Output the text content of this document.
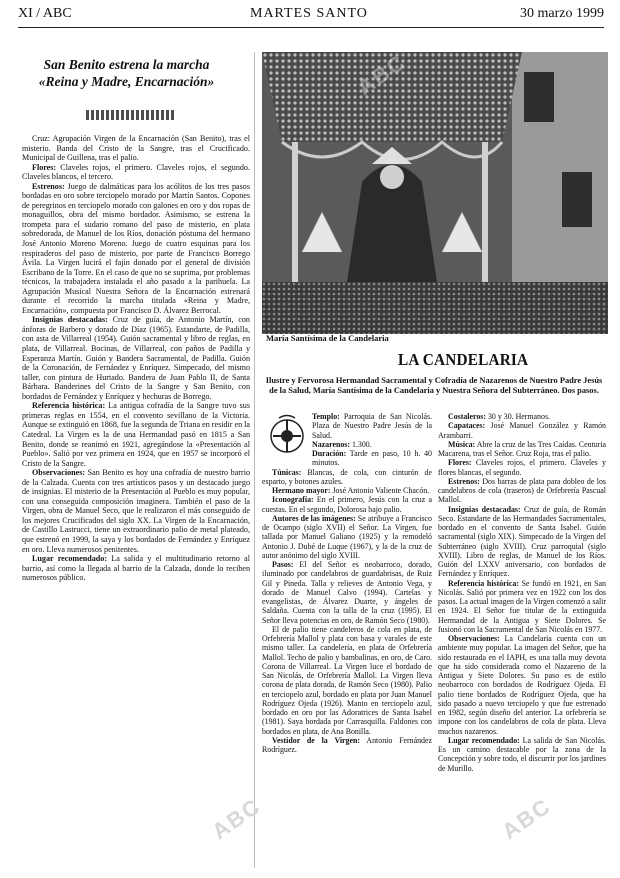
XI / ABC	MARTES SANTO	30 marzo 1999
San Benito estrena la marcha «Reina y Madre, Encarnación»

Cruz: Agrupación Virgen de la Encarnación (San Benito), tras el misterio. Banda del Cristo de la Sangre, tras el Crucificado. Municipal de Guillena, tras el palio.

Flores: Claveles rojos, el primero. Claveles rojos, el segundo. Claveles blancos, el tercero.

Estrenos: Juego de dalmáticas para los acólitos de los tres pasos bordadas en oro sobre terciopelo morado por Martín Santos. Copones de peregrinos en terciopelo morado con galones en oro y dos ropas de monaguillos, obra del mismo bordador. Asimismo, se estrena la trompeta para el sudario romano del paso de misterio, en plata sobredorada, de Manuel de los Ríos, donación póstuma del hermano José Antonio Moreno Moreno. Juego de cuatro esquinas para los respiraderos del paso de misterio, por parte de Francisco Borrego Ávila. La Virgen lucirá el fajín donado por el general de división Escribano de la Torre. En el caso de que no se suprima, por problemas técnicos, la trabajadera instalada el año pasado a la parihuela. La Agrupación Musical Nuestra Señora de la Encarnación estrenará durante el recorrido la marcha titulada «Reina y Madre, Encarnación», compuesta por Francisco D. Álvarez Berrocal.

Insignias destacadas: Cruz de guía, de Antonio Martín, con ánforas de Barbero y dorado de Díaz (1965). Estandarte, de Padilla, con asta de Villarreal (1954). Guión sacramental y libro de reglas, en plata, de Villarreal. Bocinas, de Villarreal, con paños de Padilla y Esperanza Martín. Guión y Bandera Sacramental, de Padilla. Guión de la Coronación, de Fernández y Enríquez. Simpecado, del mismo taller, con pintura de Hurtado. Bandera de Juan Pablo II, de Santa Bárbara. Banderines del Cristo de la Sangre y San Benito, con bordados de Fernández y Enríquez y hechuras de Borrego.

Referencia histórica: La antigua cofradía de la Sangre tuvo sus primeras reglas en 1554, en el convento sevillano de la Victoria. Aunque se extinguió en 1868, fue la segunda de Triana en residir en la Catedral. La Virgen es la de una Hermandad pasó en 1815 a San Benito, donde se reanimó en 1921, agregándose la «Presentación al Pueblo». Salió por vez primera en 1924, que en 1957 se incorporó el Cristo de la Sangre.

Observaciones: San Benito es hoy una cofradía de nuestro barrio de la Calzada. Cuenta con tres artísticos pasos y un destacado juego de insignias. El misterio de la Presentación al Pueblo es muy popular, con una conseguida composición imaginera. También el paso de la Virgen, obra de Manuel Seco, que le realizaron el más conseguido de los mejores Crucificados del siglo XX. La Virgen de la Encarnación, de Castillo Lastrucci, tiene un extraordinario palio de metal plateado, que estrenó en 1999, la saya y los bordados de Fernández y Enríquez en oro. Lleva numerosos penitentes.

Lugar recomendado: La salida y el multitudinario retorno al barrio, así como la llegada al barrio de la Calzada, donde lo reciben numerosos público.

María Santísima de la Candelaria
LA CANDELARIA
Ilustre y Fervorosa Hermandad Sacramental y Cofradía de Nazarenos de Nuestro Padre Jesús de la Salud, María Santísima de la Candelaria y Nuestra Señora del Subterráneo. Dos pasos.

Templo: Parroquia de San Nicolás. Plaza de Nuestro Padre Jesús de la Salud.

Nazarenos: 1.300.

Duración: Tarde en paso, 10 h. 40 minutos.

Túnicas: Blancas, de cola, con cinturón de esparto, y botones azules.

Hermano mayor: José Antonio Valiente Chacón.

Iconografía: En el primero, Jesús con la cruz a cuestas. En el segundo, Dolorosa bajo palio.

Autores de las imágenes: Se atribuye a Francisco de Ocampo (siglo XVII) el Señor. La Virgen, fue tallada por Manuel Galiano (1925) y la remodeló Antonio J. Dubé de Luque (1967), y la de la cruz de autor anónimo del siglo XVIII.

Pasos: El del Señor es neobarroco, dorado, iluminado por candelabros de guardabrisas, de Ruiz Gil y Pineda. Talla y relieves de Antonio Vega, y dorado de Manuel Calvo (1994). Cartelas y evangelistas, de Álvarez Duarte, y ángeles de Saldaña. Cuenta con la talla de la cruz (1995). El Señor lleva potencias en oro, de Ramón Seco (1980).

El de palio tiene candeleros de cola en plata, de Orfebrería Mallol y plata con basa y varales de este mismo taller. La candelería, en plata de Orfebrería Mallol. Techo de palio y bambalinas, en oro, de Caro. Corona de Villarreal. La Virgen luce el bordado de San Nicolás, de Orfebrería Mallol. La Virgen lleva corona de plata dorada, de Ramón Seco (1980). Palio en terciopelo azul, bordado en plata por Juan Manuel Rodríguez Ojeda (1926). Manto en terciopelo azul, bordado en oro por las Adoratrices de Santa Isabel (1981). Saya bordada por Carrasquilla. Faldones con bordados en plata, de Ana Bonilla.

Vestidor de la Virgen: Antonio Fernández Rodríguez.

Costaleros: 30 y 30. Hermanos.

Capataces: José Manuel González y Ramón Arambarri.

Música: Abre la cruz de las Tres Caídas. Centuria Macarena, tras el Señor. Cruz Roja, tras el palio.

Flores: Claveles rojos, el primero. Claveles y flores blancas, el segundo.

Estrenos: Dos barras de plata para dobleo de los candelabros de cola (traseros) de Orfebrería Pascual Mallol.

Insignias destacadas: Cruz de guía, de Román Seco. Estandarte de las Hermandades Sacramentales, bordado en el convento de Santa Isabel. Guión sacramental (siglo XIX). Simpecado de la Virgen del Subterráneo (siglo XVIII). Cruz parroquial (siglo XVIII). Libro de reglas, de Manuel de los Ríos. Guión del LXXV aniversario, con bordados de Fernández y Enríquez.

Referencia histórica: Se fundó en 1921, en San Nicolás. Salió por primera vez en 1922 con los dos pasos. La actual imagen de la Virgen comenzó a salir en 1924. El Señor fue titular de la extinguida Hermandad de la Antigua y Siete Dolores. Se fusionó con la Sacramental de San Nicolás en 1977.

Observaciones: La Candelaria cuenta con un ambiente muy popular. La imagen del Señor, que ha sido restaurada en el IAPH, es una talla muy devota que ha sido considerada como el Nazareno de la Antigua y Siete Dolores. Su paso es de estilo neobarroco con bordados de Rodríguez Ojeda. El palio tiene bordados de Rodríguez Ojeda, que ha sido pasado a nuevo terciopelo y que fue estrenado en 1982, según diseño del anterior. La orfebrería se impone con los candelabros de cola de plata. Lleva muchos nazarenos.

Lugar recomendado: La salida de San Nicolás. Es un camino destacable por la zona de la Concepción y sobre todo, el discurrir por los jardines de Murillo.

ABC	ABC
ABC
